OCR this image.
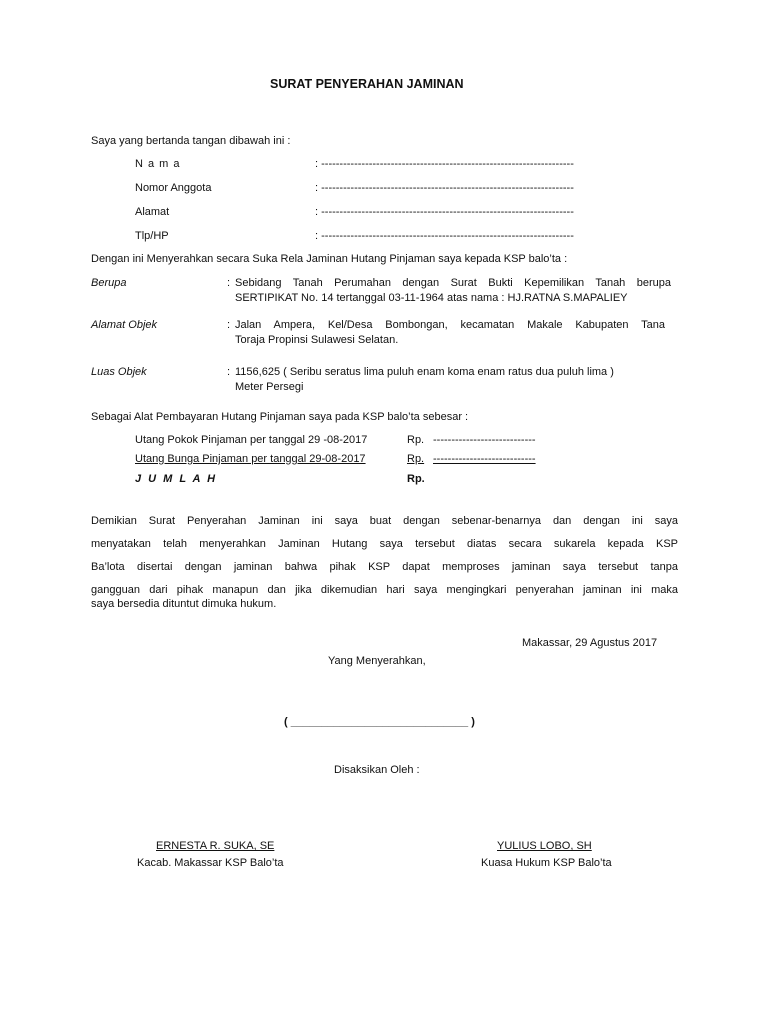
SURAT PENYERAHAN JAMINAN
Saya yang bertanda tangan dibawah ini :
N a m a	: ---------------------------------------------------------------------
Nomor Anggota	: ---------------------------------------------------------------------
Alamat	: ---------------------------------------------------------------------
Tlp/HP	: ---------------------------------------------------------------------
Dengan ini Menyerahkan secara Suka Rela Jaminan Hutang Pinjaman saya kepada KSP balo’ta :
Berupa	: Sebidang Tanah Perumahan dengan Surat Bukti Kepemilikan Tanah berupa
SERTIPIKAT No. 14 tertanggal 03-11-1964 atas nama : HJ.RATNA S.MAPALIEY
Alamat Objek	: Jalan Ampera, Kel/Desa Bombongan, kecamatan Makale Kabupaten Tana
Toraja Propinsi Sulawesi Selatan.
Luas Objek	: 1156,625 ( Seribu seratus lima puluh enam koma enam ratus dua puluh lima )
Meter Persegi
Sebagai Alat Pembayaran Hutang Pinjaman saya pada KSP balo’ta sebesar :
Utang Pokok Pinjaman per tanggal 29 -08-2017	Rp. ----------------------------
Utang Bunga Pinjaman per tanggal 29-08-2017	Rp. ----------------------------
J U M L A H	Rp.
Demikian Surat Penyerahan Jaminan ini saya buat dengan sebenar-benarnya dan dengan ini saya
menyatakan telah menyerahkan Jaminan Hutang saya tersebut diatas secara sukarela kepada KSP
Ba’lota disertai dengan jaminan bahwa pihak KSP dapat memproses jaminan saya tersebut tanpa
gangguan dari pihak manapun dan jika dikemudian hari saya mengingkari penyerahan jaminan ini maka
saya bersedia dituntut dimuka hukum.
Makassar, 29 Agustus 2017
Yang Menyerahkan,
( _____________________________ )
Disaksikan Oleh :
ERNESTA R. SUKA, SE
Kacab. Makassar KSP Balo’ta
YULIUS LOBO, SH
Kuasa Hukum KSP Balo’ta
